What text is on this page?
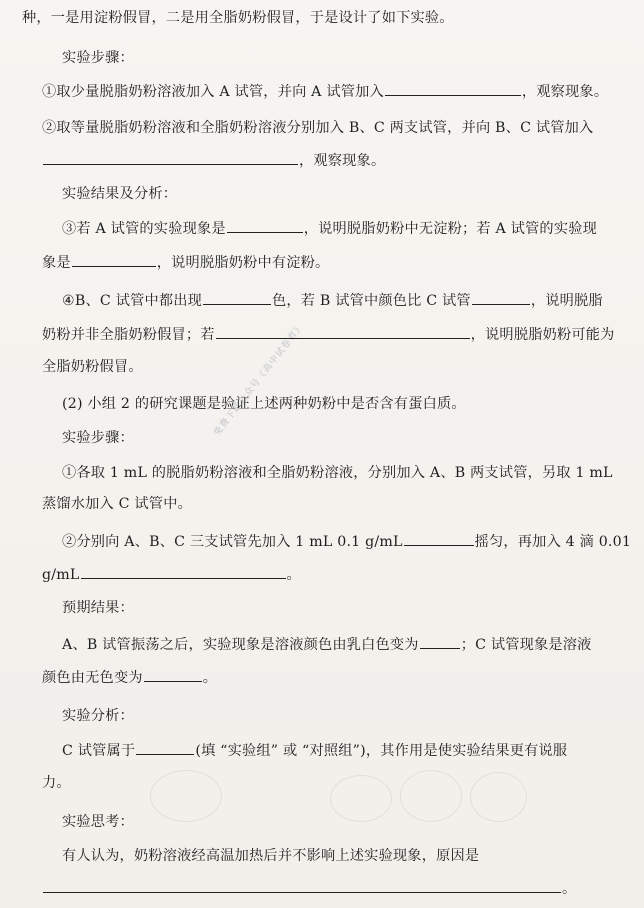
免费下载公众号《高中试卷君》
种，一是用淀粉假冒，二是用全脂奶粉假冒，于是设计了如下实验。
实验步骤：
①取少量脱脂奶粉溶液加入 A 试管，并向 A 试管加入	，观察现象。
②取等量脱脂奶粉溶液和全脂奶粉溶液分别加入 B、C 两支试管，并向 B、C 试管加入
，观察现象。
实验结果及分析：
③若 A 试管的实验现象是	，说明脱脂奶粉中无淀粉；若 A 试管的实验现
象是	，说明脱脂奶粉中有淀粉。
④B、C 试管中都出现	色，若 B 试管中颜色比 C 试管	，说明脱脂
奶粉并非全脂奶粉假冒；若	，说明脱脂奶粉可能为
全脂奶粉假冒。
(2) 小组 2 的研究课题是验证上述两种奶粉中是否含有蛋白质。
实验步骤：
①各取 1 mL 的脱脂奶粉溶液和全脂奶粉溶液，分别加入 A、B 两支试管，另取 1 mL
蒸馏水加入 C 试管中。
②分别向 A、B、C 三支试管先加入 1 mL 0.1 g/mL	摇匀，再加入 4 滴 0.01
g/mL	。
预期结果：
A、B 试管振荡之后，实验现象是溶液颜色由乳白色变为	；C 试管现象是溶液
颜色由无色变为	。
实验分析：
C 试管属于	(填 “实验组” 或 “对照组”)，其作用是使实验结果更有说服
力。
实验思考：
有人认为，奶粉溶液经高温加热后并不影响上述实验现象，原因是
。
